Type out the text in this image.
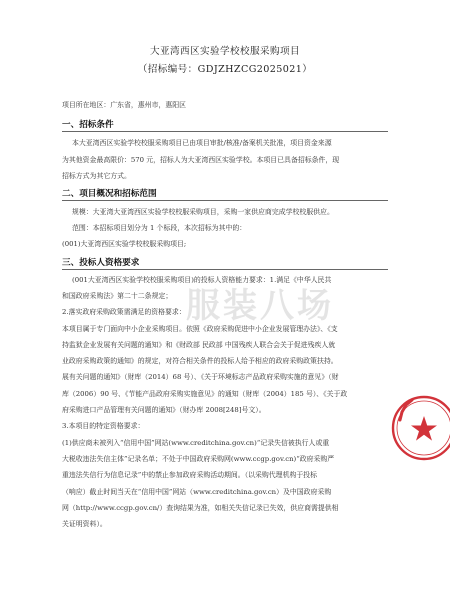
大亚湾西区实验学校校服采购项目
（招标编号：GDJZHZCG2025021）
项目所在地区：广东省，惠州市，惠阳区
一、招标条件
本大亚湾西区实验学校校服采购项目已由项目审批/核准/备案机关批准，项目资金来源
为其他资金最高限价：570 元，招标人为大亚湾西区实验学校。本项目已具备招标条件，现
招标方式为其它方式。
二、项目概况和招标范围
规模：大亚湾大亚湾西区实验学校校服采购项目，采购一家供应商完成学校校服供应。
范围：本招标项目划分为 1 个标段，本次招标为其中的：
(001)大亚湾西区实验学校校服采购项目;
三、投标人资格要求
(001大亚湾西区实验学校校服采购项目)的投标人资格能力要求：1.满足《中华人民共
和国政府采购法》第二十二条规定；
2.落实政府采购政策需满足的资格要求：
本项目属于专门面向中小企业采购项目。依照《政府采购促进中小企业发展管理办法》、《支
持监狱企业发展有关问题的通知》和《财政部 民政部 中国残疾人联合会关于促进残疾人就
业政府采购政策的通知》的规定，对符合相关条件的投标人给予相应的政府采购政策扶持。
展有关问题的通知》（财库（2014）68 号）、《关于环境标志产品政府采购实施的意见》（财
库（2006）90 号、《节能产品政府采购实施意见》的通知（财库（2004）185 号）、《关于政
府采购进口产品管理有关问题的通知》（财办库 2008[248]号文）。
3.本项目的特定资格要求：
(1)供应商未被列入“信用中国”网站(www.creditchina.gov.cn)“记录失信被执行人或重
大税收违法失信主体”记录名单；不处于中国政府采购网(www.ccgp.gov.cn)“政府采购严
重违法失信行为信息记录”中的禁止参加政府采购活动期间。（以采购代理机构于投标
（响应）截止时间当天在“信用中国”网站（www.creditchina.gov.cn）及中国政府采购
网（http://www.ccgp.gov.cn/）查询结果为准，如相关失信记录已失效，供应商需提供相
关证明资料）。
服装八场
